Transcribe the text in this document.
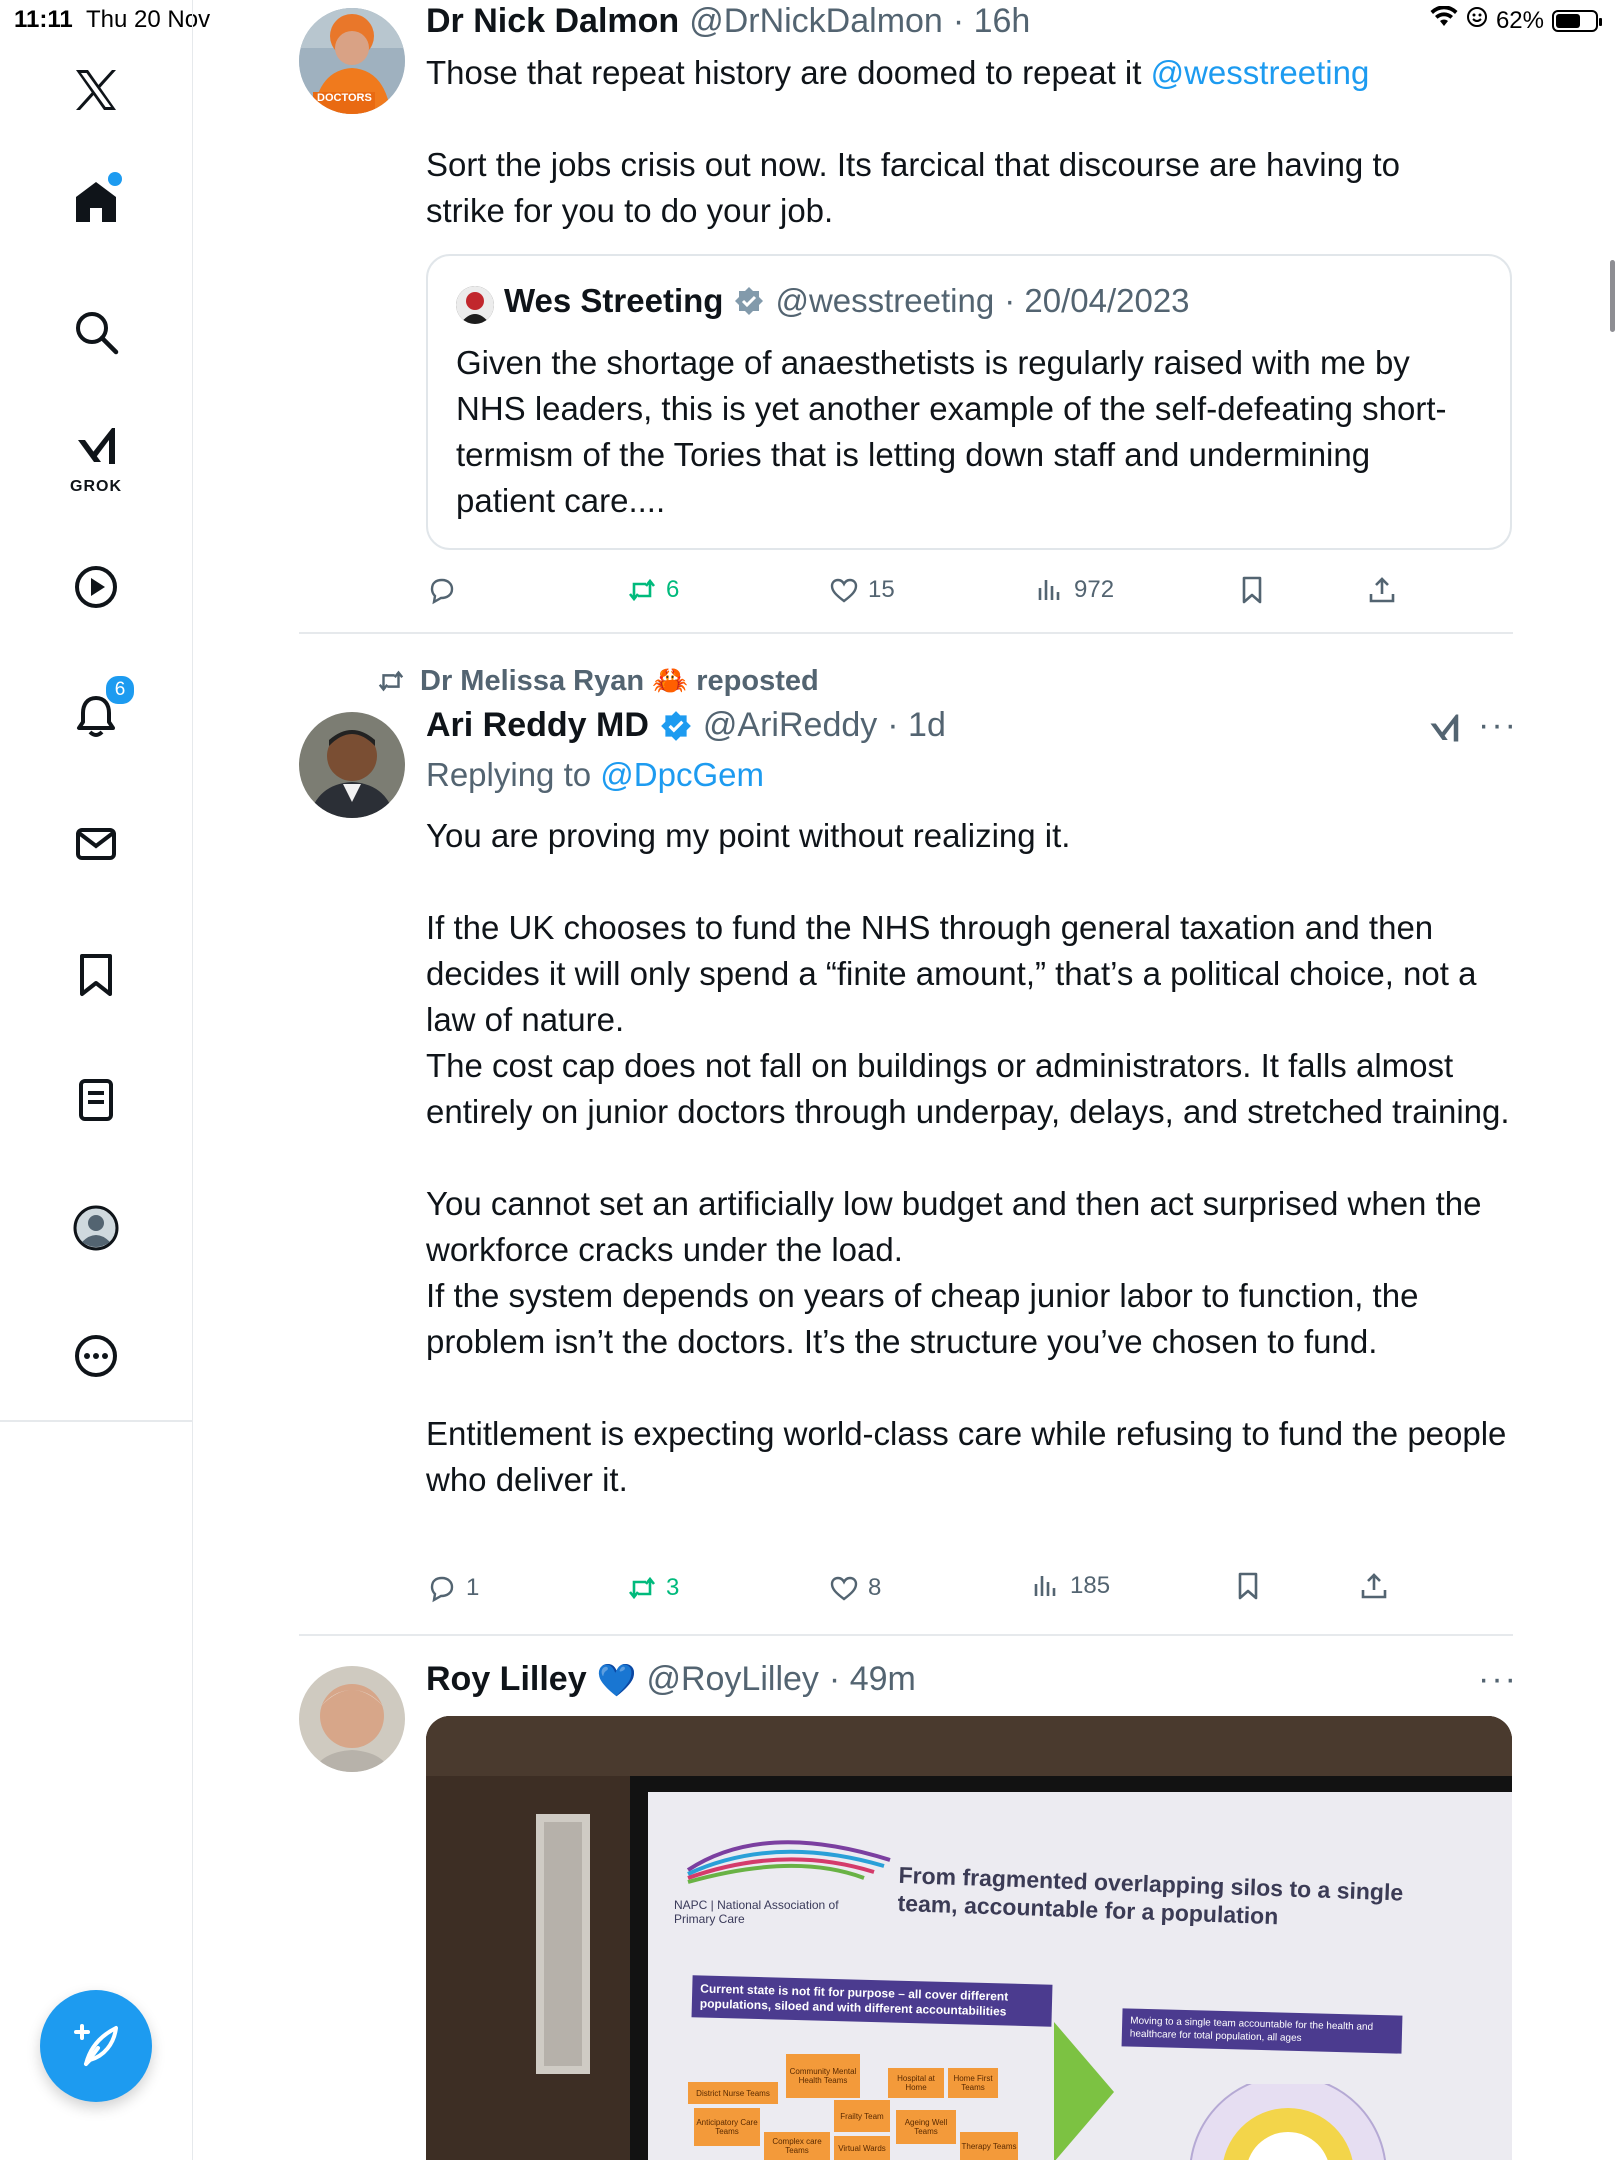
11:11 Thu 20 Nov	62%
GROK
6
DOCTORS
Dr Nick Dalmon @DrNickDalmon · 16h
Those that repeat history are doomed to repeat it @wesstreeting
Sort the jobs crisis out now. Its farcical that discourse are having to strike for you to do your job.
Wes Streeting @wesstreeting · 20/04/2023
Given the shortage of anaesthetists is regularly raised with me by NHS leaders, this is yet another example of the self-defeating short-termism of the Tories that is letting down staff and undermining patient care....
6	15	972
Dr Melissa Ryan 🦀 reposted
Ari Reddy MD @AriReddy · 1d	···
Replying to @DpcGem
You are proving my point without realizing it.

If the UK chooses to fund the NHS through general taxation and then decides it will only spend a “finite amount,” that’s a political choice, not a law of nature.
The cost cap does not fall on buildings or administrators. It falls almost entirely on junior doctors through underpay, delays, and stretched training.

You cannot set an artificially low budget and then act surprised when the workforce cracks under the load.
If the system depends on years of cheap junior labor to function, the problem isn’t the doctors. It’s the structure you’ve chosen to fund.

Entitlement is expecting world-class care while refusing to fund the people who deliver it.
1	3	8	185
Roy Lilley 💙 @RoyLilley · 49m	···
NAPC | National Association of Primary Care
From fragmented overlapping silos to a single team, accountable for a population
Current state is not fit for purpose – all cover different populations, siloed and with different accountabilities
Moving to a single team accountable for the health and healthcare for total population, all ages
District Nurse Teams
Community Mental Health Teams	Hospital at Home
Home First Teams
Frailty Team
Anticipatory Care Teams
Ageing Well Teams
Virtual Wards
Complex care Teams	Therapy Teams
